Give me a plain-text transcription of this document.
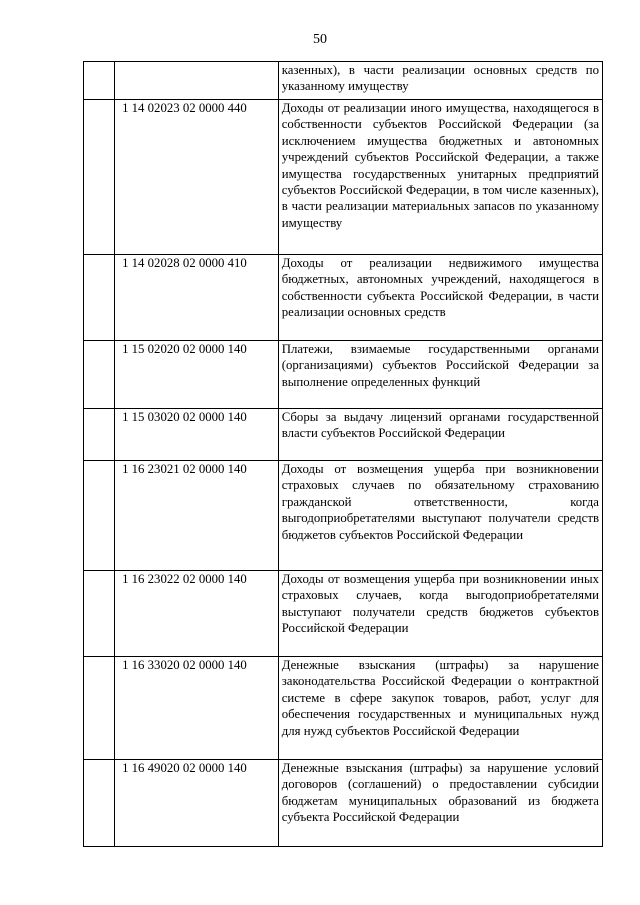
50
		казенных), в части реализации основных средств по указанному имуществу
	1 14 02023 02 0000 440	Доходы от реализации иного имущества, находящегося в собственности субъектов Российской Федерации (за исключением имущества бюджетных и автономных учреждений субъектов Российской Федерации, а также имущества государственных унитарных предприятий субъектов Российской Федерации, в том числе казенных), в части реализации материальных запасов по указанному имуществу
	1 14 02028 02 0000 410	Доходы от реализации недвижимого имущества бюджетных, автономных учреждений, находящегося в собственности субъекта Российской Федерации, в части реализации основных средств
	1 15 02020 02 0000 140	Платежи, взимаемые государственными органами (организациями) субъектов Российской Федерации за выполнение определенных функций
	1 15 03020 02 0000 140	Сборы за выдачу лицензий органами государственной власти субъектов Российской Федерации
	1 16 23021 02 0000 140	Доходы от возмещения ущерба при возникновении страховых случаев по обязательному страхованию гражданской ответственности, когда выгодоприобретателями выступают получатели средств бюджетов субъектов Российской Федерации
	1 16 23022 02 0000 140	Доходы от возмещения ущерба при возникновении иных страховых случаев, когда выгодоприобретателями выступают получатели средств бюджетов субъектов Российской Федерации
	1 16 33020 02 0000 140	Денежные взыскания (штрафы) за нарушение законодательства Российской Федерации о контрактной системе в сфере закупок товаров, работ, услуг для обеспечения государственных и муниципальных нужд для нужд субъектов Российской Федерации
	1 16 49020 02 0000 140	Денежные взыскания (штрафы) за нарушение условий договоров (соглашений) о предоставлении субсидии бюджетам муниципальных образований из бюджета субъекта Российской Федерации
